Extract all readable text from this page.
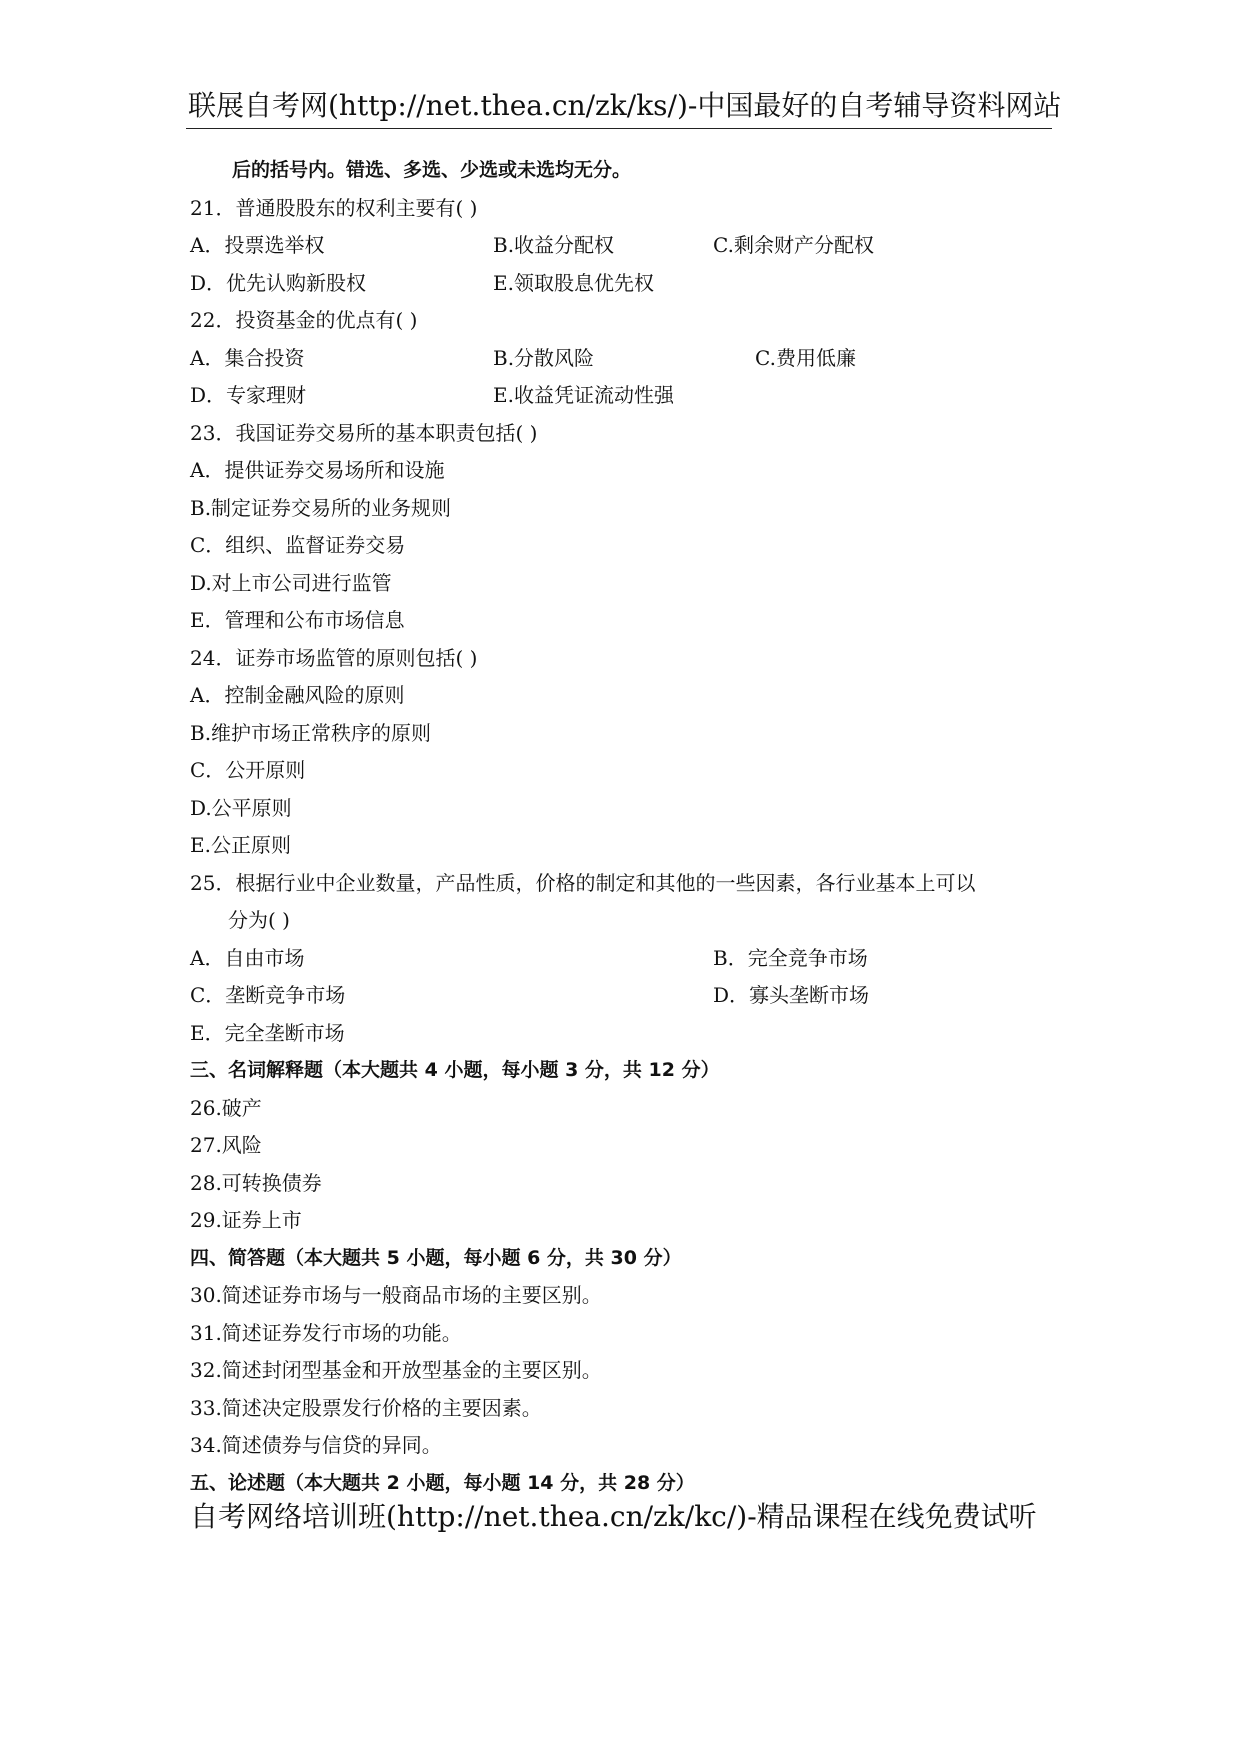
联展自考网(http://net.thea.cn/zk/ks/)-中国最好的自考辅导资料网站
后的括号内。错选、多选、少选或未选均无分。
21．普通股股东的权利主要有( )
A．投票选举权	B.收益分配权	C.剩余财产分配权
D．优先认购新股权	E.领取股息优先权
22．投资基金的优点有( )
A．集合投资	B.分散风险	C.费用低廉
D．专家理财	E.收益凭证流动性强
23．我国证券交易所的基本职责包括( )
A．提供证券交易场所和设施
B.制定证券交易所的业务规则
C．组织、监督证券交易
D.对上市公司进行监管
E．管理和公布市场信息
24．证券市场监管的原则包括( )
A．控制金融风险的原则
B.维护市场正常秩序的原则
C．公开原则
D.公平原则
E.公正原则
25．根据行业中企业数量，产品性质，价格的制定和其他的一些因素，各行业基本上可以
分为( )
A．自由市场	B．完全竞争市场
C．垄断竞争市场	D．寡头垄断市场
E．完全垄断市场
三、名词解释题（本大题共 4 小题，每小题 3 分，共 12 分）
26.破产
27.风险
28.可转换债券
29.证券上市
四、简答题（本大题共 5 小题，每小题 6 分，共 30 分）
30.简述证券市场与一般商品市场的主要区别。
31.简述证券发行市场的功能。
32.简述封闭型基金和开放型基金的主要区别。
33.简述决定股票发行价格的主要因素。
34.简述债券与信贷的异同。
五、论述题（本大题共 2 小题，每小题 14 分，共 28 分）
自考网络培训班(http://net.thea.cn/zk/kc/)-精品课程在线免费试听
